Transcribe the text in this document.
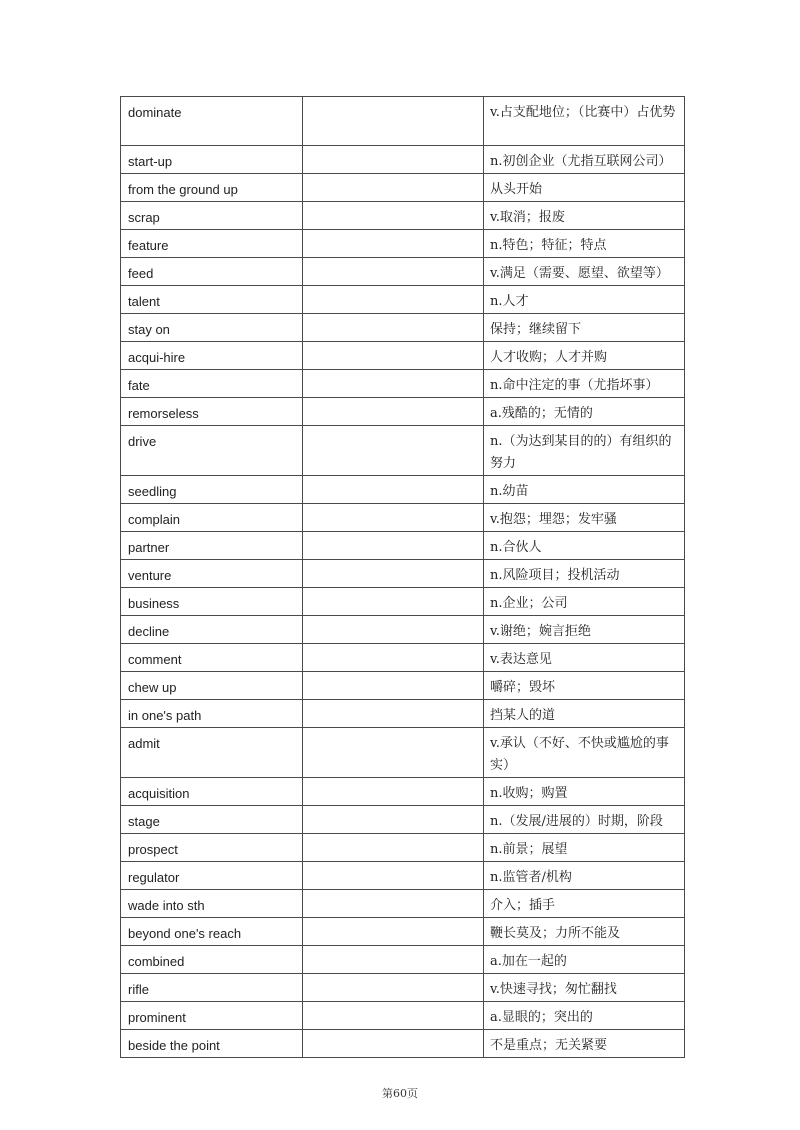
dominate		v.占支配地位；（比赛中）占优势
start-up		n.初创企业（尤指互联网公司）
from the ground up		从头开始
scrap		v.取消；报废
feature		n.特色；特征；特点
feed		v.满足（需要、愿望、欲望等）
talent		n.人才
stay on		保持；继续留下
acqui-hire		人才收购；人才并购
fate		n.命中注定的事（尤指坏事）
remorseless		a.残酷的；无情的
drive		n.（为达到某目的的）有组织的努力
seedling		n.幼苗
complain		v.抱怨；埋怨；发牢骚
partner		n.合伙人
venture		n.风险项目；投机活动
business		n.企业；公司
decline		v.谢绝；婉言拒绝
comment		v.表达意见
chew up		嚼碎；毁坏
in one's path		挡某人的道
admit		v.承认（不好、不快或尴尬的事实）
acquisition		n.收购；购置
stage		n.（发展/进展的）时期，阶段
prospect		n.前景；展望
regulator		n.监管者/机构
wade into sth		介入；插手
beyond one's reach		鞭长莫及；力所不能及
combined		a.加在一起的
rifle		v.快速寻找；匆忙翻找
prominent		a.显眼的；突出的
beside the point		不是重点；无关紧要
第60页
